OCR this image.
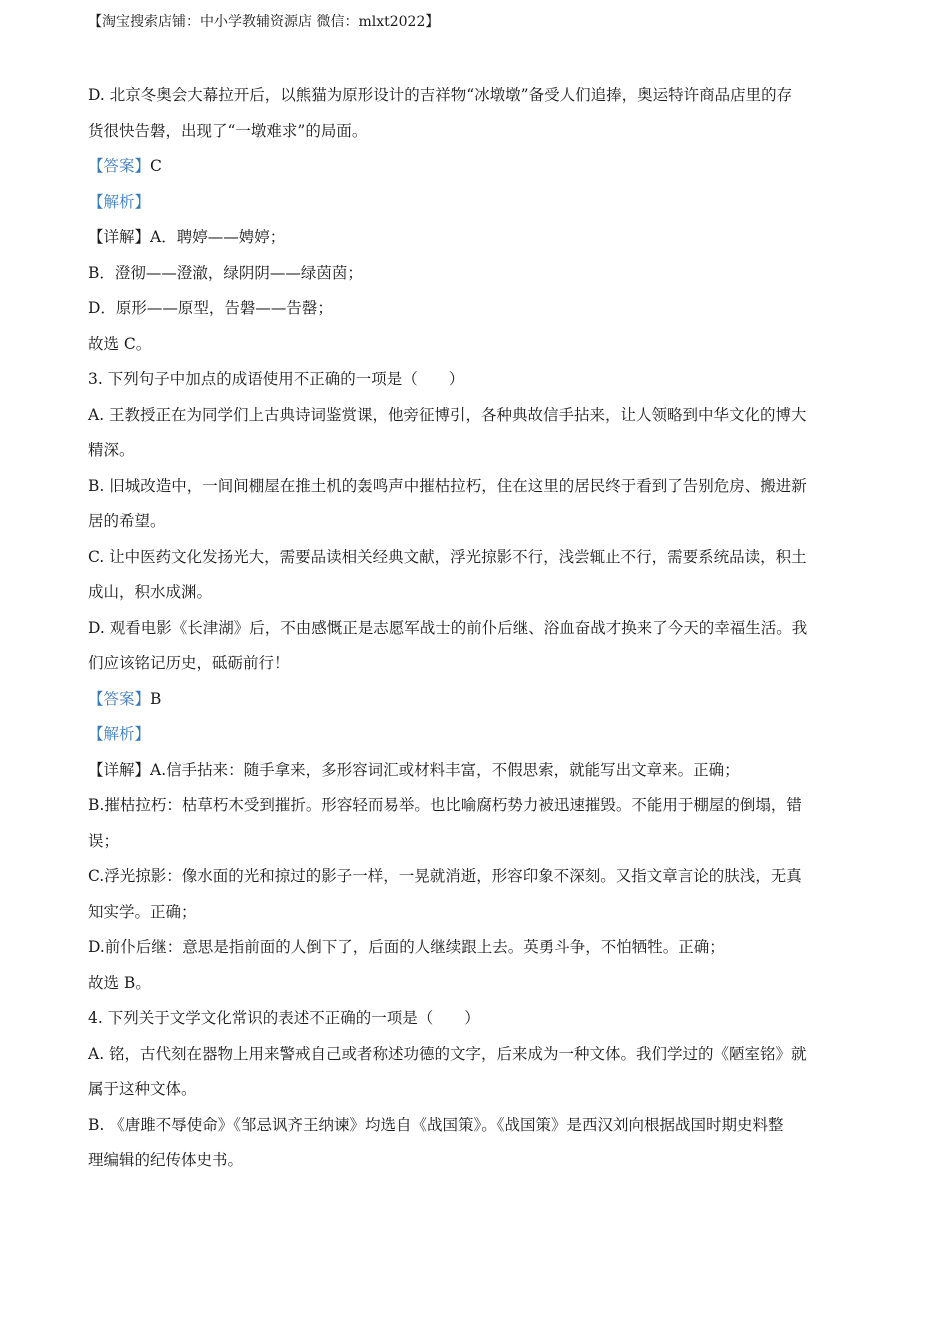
【淘宝搜索店铺：中小学教辅资源店 微信：mlxt2022】

D. 北京冬奥会大幕拉开后，以熊猫为原形设计的吉祥物“冰墩墩”备受人们追捧，奥运特许商品店里的存

货很快告磐，出现了“一墩难求”的局面。

【答案】C

【解析】

【详解】A．聘婷——娉婷；

B．澄彻——澄澈，绿阴阴——绿茵茵；

D．原形——原型，告磐——告罄；

故选 C。

3. 下列句子中加点的成语使用不正确的一项是（　　）

A. 王教授正在为同学们上古典诗词鉴赏课，他旁征博引，各种典故信手拈来，让人领略到中华文化的博大

精深。

B. 旧城改造中，一间间棚屋在推土机的轰鸣声中摧枯拉朽，住在这里的居民终于看到了告别危房、搬进新

居的希望。

C. 让中医药文化发扬光大，需要品读相关经典文献，浮光掠影不行，浅尝辄止不行，需要系统品读，积土

成山，积水成渊。

D. 观看电影《长津湖》后，不由感慨正是志愿军战士的前仆后继、浴血奋战才换来了今天的幸福生活。我

们应该铭记历史，砥砺前行！

【答案】B

【解析】

【详解】A.信手拈来：随手拿来，多形容词汇或材料丰富，不假思索，就能写出文章来。正确；

B.摧枯拉朽：枯草朽木受到摧折。形容轻而易举。也比喻腐朽势力被迅速摧毁。不能用于棚屋的倒塌，错

误；

C.浮光掠影：像水面的光和掠过的影子一样，一晃就消逝，形容印象不深刻。又指文章言论的肤浅，无真

知实学。正确；

D.前仆后继：意思是指前面的人倒下了，后面的人继续跟上去。英勇斗争，不怕牺牲。正确；

故选 B。

4. 下列关于文学文化常识的表述不正确的一项是（　　）

A. 铭，古代刻在器物上用来警戒自己或者称述功德的文字，后来成为一种文体。我们学过的《陋室铭》就

属于这种文体。

B. 《唐雎不辱使命》《邹忌讽齐王纳谏》均选自《战国策》。《战国策》是西汉刘向根据战国时期史料整

理编辑的纪传体史书。
